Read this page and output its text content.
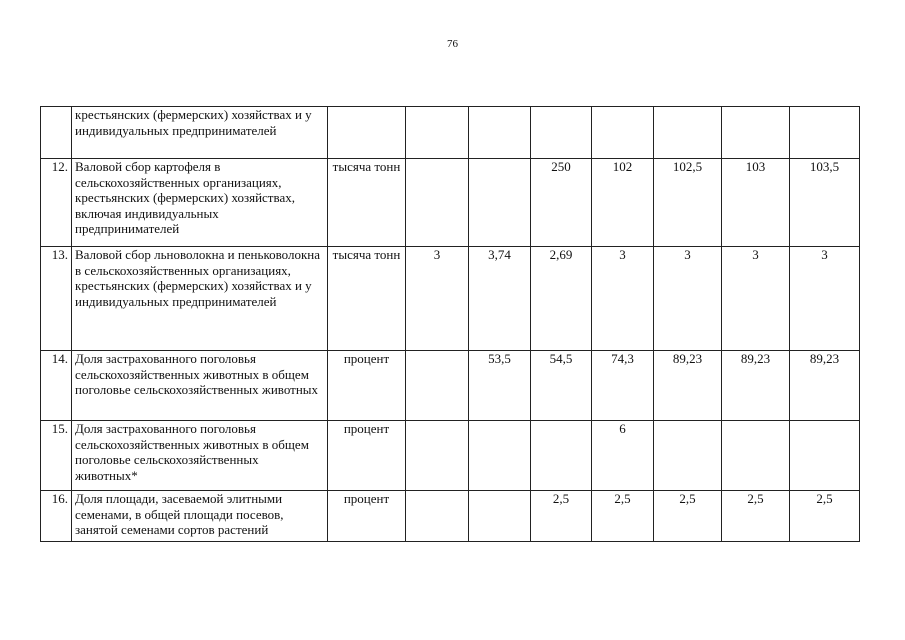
76
	крестьянских (фермерских) хозяйствах и у индивидуальных предпринимателей								
12.	Валовой сбор картофеля в сельскохозяйственных организациях, крестьянских (фермерских) хозяйствах, включая индивидуальных предпринимателей	тысяча тонн			250	102	102,5	103	103,5
13.	Валовой сбор льноволокна и пеньковолокна в сельскохозяйственных организациях, крестьянских (фермерских) хозяйствах и у индивидуальных предпринимателей	тысяча тонн	3	3,74	2,69	3	3	3	3
14.	Доля застрахованного поголовья сельскохозяйственных животных в общем поголовье сельскохозяйственных животных	процент		53,5	54,5	74,3	89,23	89,23	89,23
15.	Доля застрахованного поголовья сельскохозяйственных животных в общем поголовье сельскохозяйственных животных*	процент				6			
16.	Доля площади, засеваемой элитными семенами, в общей площади посевов, занятой семенами сортов растений	процент			2,5	2,5	2,5	2,5	2,5
